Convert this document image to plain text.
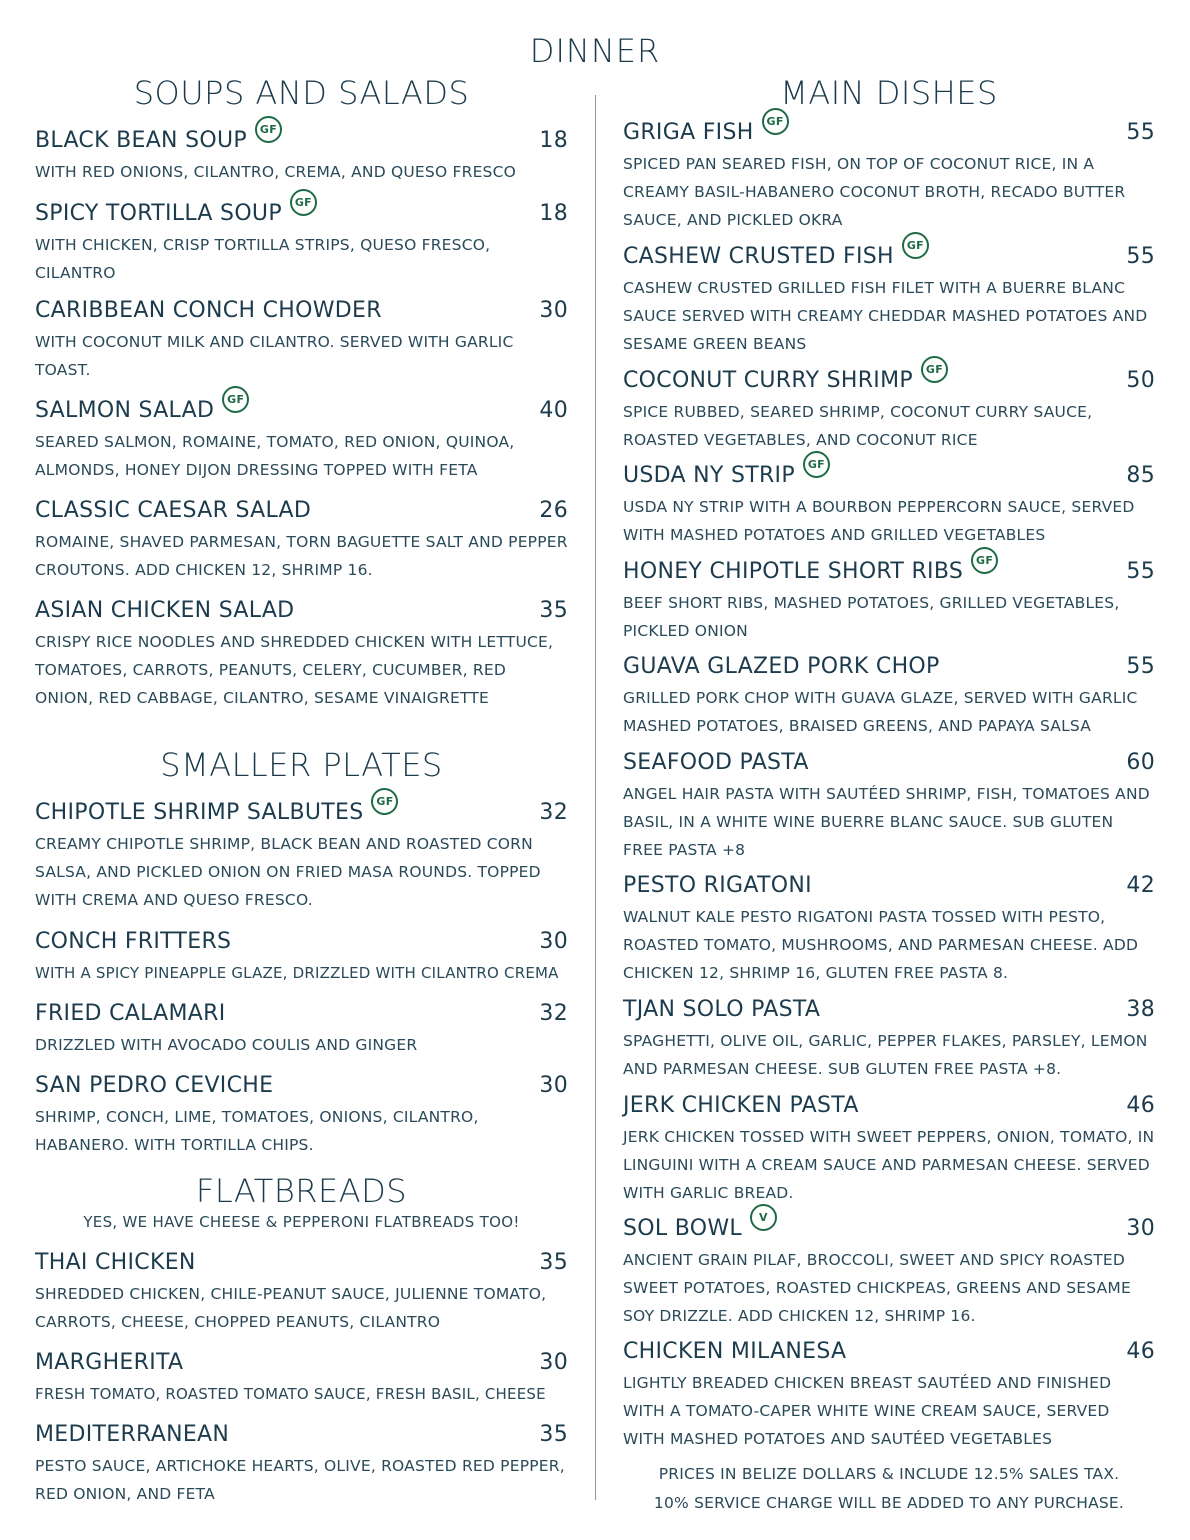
DINNER
SOUPS AND SALADS
BLACK BEAN SOUP GF	18
WITH RED ONIONS, CILANTRO, CREMA, AND QUESO FRESCO
SPICY TORTILLA SOUP GF	18
WITH CHICKEN, CRISP TORTILLA STRIPS, QUESO FRESCO, CILANTRO
CARIBBEAN CONCH CHOWDER	30
WITH COCONUT MILK AND CILANTRO. SERVED WITH GARLIC TOAST.
SALMON SALAD GF	40
SEARED SALMON, ROMAINE, TOMATO, RED ONION, QUINOA, ALMONDS, HONEY DIJON DRESSING TOPPED WITH FETA
CLASSIC CAESAR SALAD	26
ROMAINE, SHAVED PARMESAN, TORN BAGUETTE SALT AND PEPPER CROUTONS. ADD CHICKEN 12, SHRIMP 16.
ASIAN CHICKEN SALAD	35
CRISPY RICE NOODLES AND SHREDDED CHICKEN WITH LETTUCE, TOMATOES, CARROTS, PEANUTS, CELERY, CUCUMBER, RED ONION, RED CABBAGE, CILANTRO, SESAME VINAIGRETTE
SMALLER PLATES
CHIPOTLE SHRIMP SALBUTES GF	32
CREAMY CHIPOTLE SHRIMP, BLACK BEAN AND ROASTED CORN SALSA, AND PICKLED ONION ON FRIED MASA ROUNDS. TOPPED WITH CREMA AND QUESO FRESCO.
CONCH FRITTERS	30
WITH A SPICY PINEAPPLE GLAZE, DRIZZLED WITH CILANTRO CREMA
FRIED CALAMARI	32
DRIZZLED WITH AVOCADO COULIS AND GINGER
SAN PEDRO CEVICHE	30
SHRIMP, CONCH, LIME, TOMATOES, ONIONS, CILANTRO, HABANERO. WITH TORTILLA CHIPS.
FLATBREADS
YES, WE HAVE CHEESE & PEPPERONI FLATBREADS TOO!
THAI CHICKEN	35
SHREDDED CHICKEN, CHILE-PEANUT SAUCE, JULIENNE TOMATO, CARROTS, CHEESE, CHOPPED PEANUTS, CILANTRO
MARGHERITA	30
FRESH TOMATO, ROASTED TOMATO SAUCE, FRESH BASIL, CHEESE
MEDITERRANEAN	35
PESTO SAUCE, ARTICHOKE HEARTS, OLIVE, ROASTED RED PEPPER, RED ONION, AND FETA
MAIN DISHES
GRIGA FISH GF	55
SPICED PAN SEARED FISH, ON TOP OF COCONUT RICE, IN A CREAMY BASIL-HABANERO COCONUT BROTH, RECADO BUTTER SAUCE, AND PICKLED OKRA
CASHEW CRUSTED FISH GF	55
CASHEW CRUSTED GRILLED FISH FILET WITH A BUERRE BLANC SAUCE SERVED WITH CREAMY CHEDDAR MASHED POTATOES AND SESAME GREEN BEANS
COCONUT CURRY SHRIMP GF	50
SPICE RUBBED, SEARED SHRIMP, COCONUT CURRY SAUCE, ROASTED VEGETABLES, AND COCONUT RICE
USDA NY STRIP GF	85
USDA NY STRIP WITH A BOURBON PEPPERCORN SAUCE, SERVED WITH MASHED POTATOES AND GRILLED VEGETABLES
HONEY CHIPOTLE SHORT RIBS GF	55
BEEF SHORT RIBS, MASHED POTATOES, GRILLED VEGETABLES, PICKLED ONION
GUAVA GLAZED PORK CHOP	55
GRILLED PORK CHOP WITH GUAVA GLAZE, SERVED WITH GARLIC MASHED POTATOES, BRAISED GREENS, AND PAPAYA SALSA
SEAFOOD PASTA	60
ANGEL HAIR PASTA WITH SAUTÉED SHRIMP, FISH, TOMATOES AND BASIL, IN A WHITE WINE BUERRE BLANC SAUCE. SUB GLUTEN FREE PASTA +8
PESTO RIGATONI	42
WALNUT KALE PESTO RIGATONI PASTA TOSSED WITH PESTO, ROASTED TOMATO, MUSHROOMS, AND PARMESAN CHEESE. ADD CHICKEN 12, SHRIMP 16, GLUTEN FREE PASTA 8.
TJAN SOLO PASTA	38
SPAGHETTI, OLIVE OIL, GARLIC, PEPPER FLAKES, PARSLEY, LEMON AND PARMESAN CHEESE. SUB GLUTEN FREE PASTA +8.
JERK CHICKEN PASTA	46
JERK CHICKEN TOSSED WITH SWEET PEPPERS, ONION, TOMATO, IN LINGUINI WITH A CREAM SAUCE AND PARMESAN CHEESE. SERVED WITH GARLIC BREAD.
SOL BOWL V	30
ANCIENT GRAIN PILAF, BROCCOLI, SWEET AND SPICY ROASTED SWEET POTATOES, ROASTED CHICKPEAS, GREENS AND SESAME SOY DRIZZLE. ADD CHICKEN 12, SHRIMP 16.
CHICKEN MILANESA	46
LIGHTLY BREADED CHICKEN BREAST SAUTÉED AND FINISHED WITH A TOMATO-CAPER WHITE WINE CREAM SAUCE, SERVED WITH MASHED POTATOES AND SAUTÉED VEGETABLES
PRICES IN BELIZE DOLLARS & INCLUDE 12.5% SALES TAX.
10% SERVICE CHARGE WILL BE ADDED TO ANY PURCHASE.
